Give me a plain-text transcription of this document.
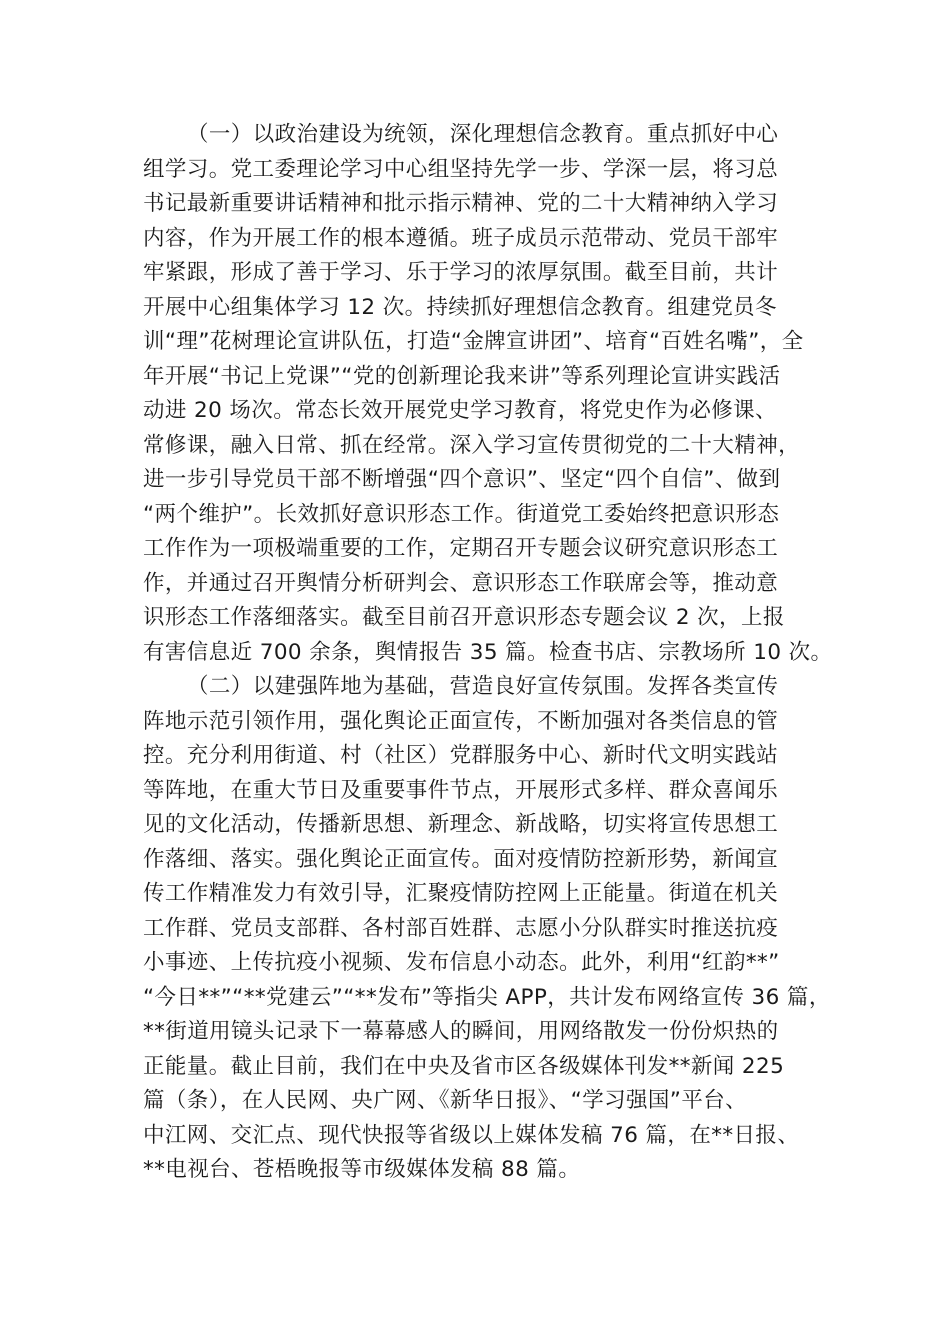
（一）以政治建设为统领，深化理想信念教育。重点抓好中心
组学习。党工委理论学习中心组坚持先学一步、学深一层，将习总
书记最新重要讲话精神和批示指示精神、党的二十大精神纳入学习
内容，作为开展工作的根本遵循。班子成员示范带动、党员干部牢
牢紧跟，形成了善于学习、乐于学习的浓厚氛围。截至目前，共计
开展中心组集体学习 12 次。持续抓好理想信念教育。组建党员冬
训“理”花树理论宣讲队伍，打造“金牌宣讲团”、培育“百姓名嘴”，全
年开展“书记上党课”“党的创新理论我来讲”等系列理论宣讲实践活
动进 20 场次。常态长效开展党史学习教育，将党史作为必修课、
常修课，融入日常、抓在经常。深入学习宣传贯彻党的二十大精神，
进一步引导党员干部不断增强“四个意识”、坚定“四个自信”、做到
“两个维护”。长效抓好意识形态工作。街道党工委始终把意识形态
工作作为一项极端重要的工作，定期召开专题会议研究意识形态工
作，并通过召开舆情分析研判会、意识形态工作联席会等，推动意
识形态工作落细落实。截至目前召开意识形态专题会议 2 次，上报
有害信息近 700 余条，舆情报告 35 篇。检查书店、宗教场所 10 次。
（二）以建强阵地为基础，营造良好宣传氛围。发挥各类宣传
阵地示范引领作用，强化舆论正面宣传，不断加强对各类信息的管
控。充分利用街道、村（社区）党群服务中心、新时代文明实践站
等阵地，在重大节日及重要事件节点，开展形式多样、群众喜闻乐
见的文化活动，传播新思想、新理念、新战略，切实将宣传思想工
作落细、落实。强化舆论正面宣传。面对疫情防控新形势，新闻宣
传工作精准发力有效引导，汇聚疫情防控网上正能量。街道在机关
工作群、党员支部群、各村部百姓群、志愿小分队群实时推送抗疫
小事迹、上传抗疫小视频、发布信息小动态。此外，利用“红韵**”
“今日**”“**党建云”“**发布”等指尖 APP，共计发布网络宣传 36 篇，
**街道用镜头记录下一幕幕感人的瞬间，用网络散发一份份炽热的
正能量。截止目前，我们在中央及省市区各级媒体刊发**新闻 225
篇（条），在人民网、央广网、《新华日报》、“学习强国”平台、
中江网、交汇点、现代快报等省级以上媒体发稿 76 篇，在**日报、
**电视台、苍梧晚报等市级媒体发稿 88 篇。
